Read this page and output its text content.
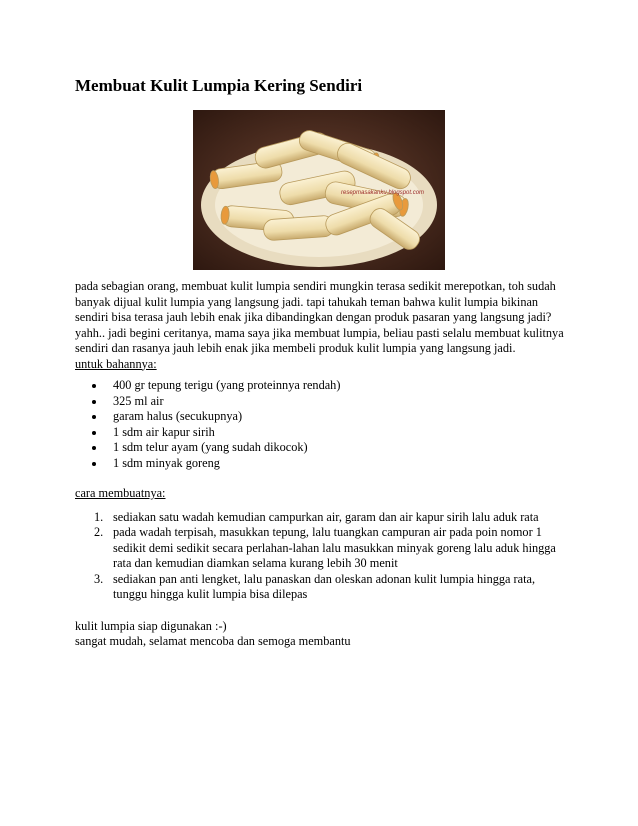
Membuat Kulit Lumpia Kering Sendiri
resepmasakanku.blogspot.com

pada sebagian orang, membuat kulit lumpia sendiri mungkin terasa sedikit merepotkan, toh sudah banyak dijual kulit lumpia yang langsung jadi. tapi tahukah teman bahwa kulit lumpia bikinan sendiri bisa terasa jauh lebih enak jika dibandingkan dengan produk pasaran yang langsung jadi? yahh.. jadi begini ceritanya, mama saya jika membuat lumpia, beliau pasti selalu membuat kulitnya sendiri dan rasanya jauh lebih enak jika membeli produk kulit lumpia yang langsung jadi.

untuk bahannya:

400 gr tepung terigu (yang proteinnya rendah)
325 ml air
garam halus (secukupnya)
1 sdm air kapur sirih
1 sdm telur ayam (yang sudah dikocok)
1 sdm minyak goreng

cara membuatnya:

1. sediakan satu wadah kemudian campurkan air, garam dan air kapur sirih lalu aduk rata
2. pada wadah terpisah, masukkan tepung, lalu tuangkan campuran air pada poin nomor 1 sedikit demi sedikit secara perlahan-lahan lalu masukkan minyak goreng lalu aduk hingga rata dan kemudian diamkan selama kurang lebih 30 menit
3. sediakan pan anti lengket, lalu panaskan dan oleskan adonan kulit lumpia hingga rata, tunggu hingga kulit lumpia bisa dilepas

kulit lumpia siap digunakan :-)

sangat mudah, selamat mencoba dan semoga membantu
